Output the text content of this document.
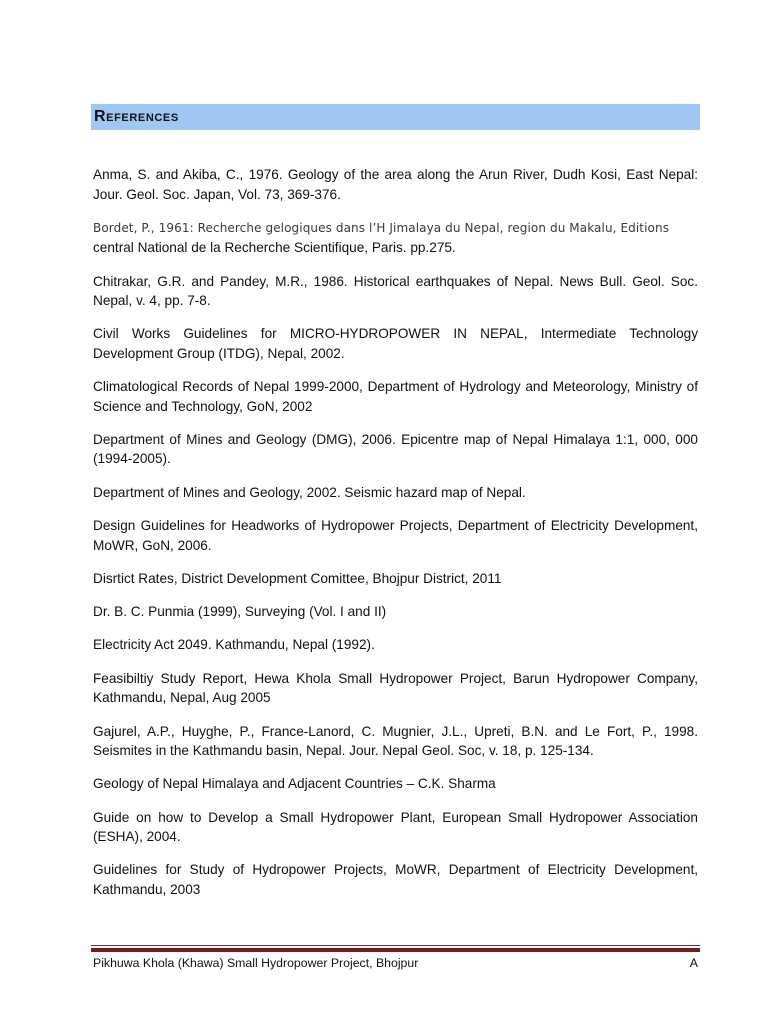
References

Anma, S. and Akiba, C., 1976. Geology of the area along the Arun River, Dudh Kosi, East Nepal: Jour. Geol. Soc. Japan, Vol. 73, 369-376.

Bordet, P., 1961: Recherche gelogiques dans l’H Jimalaya du Nepal, region du Makalu, Editions
central National de la Recherche Scientifique, Paris. pp.275.

Chitrakar, G.R. and Pandey, M.R., 1986. Historical earthquakes of Nepal. News Bull. Geol. Soc. Nepal, v. 4, pp. 7-8.

Civil Works Guidelines for MICRO-HYDROPOWER IN NEPAL, Intermediate Technology Development Group (ITDG), Nepal, 2002.

Climatological Records of Nepal 1999-2000, Department of Hydrology and Meteorology, Ministry of Science and Technology, GoN, 2002

Department of Mines and Geology (DMG), 2006. Epicentre map of Nepal Himalaya 1:1, 000, 000 (1994-2005).

Department of Mines and Geology, 2002. Seismic hazard map of Nepal.

Design Guidelines for Headworks of Hydropower Projects, Department of Electricity Development, MoWR, GoN, 2006.

Disrtict Rates, District Development Comittee, Bhojpur District, 2011

Dr. B. C. Punmia (1999), Surveying (Vol. I and II)

Electricity Act 2049. Kathmandu, Nepal (1992).

Feasibiltiy Study Report, Hewa Khola Small Hydropower Project, Barun Hydropower Company, Kathmandu, Nepal, Aug 2005

Gajurel, A.P., Huyghe, P., France-Lanord, C. Mugnier, J.L., Upreti, B.N. and Le Fort, P., 1998. Seismites in the Kathmandu basin, Nepal. Jour. Nepal Geol. Soc, v. 18, p. 125-134.

Geology of Nepal Himalaya and Adjacent Countries – C.K. Sharma

Guide on how to Develop a Small Hydropower Plant, European Small Hydropower Association (ESHA), 2004.

Guidelines for Study of Hydropower Projects, MoWR, Department of Electricity Development, Kathmandu, 2003

Pikhuwa Khola (Khawa) Small Hydropower Project, Bhojpur	A
